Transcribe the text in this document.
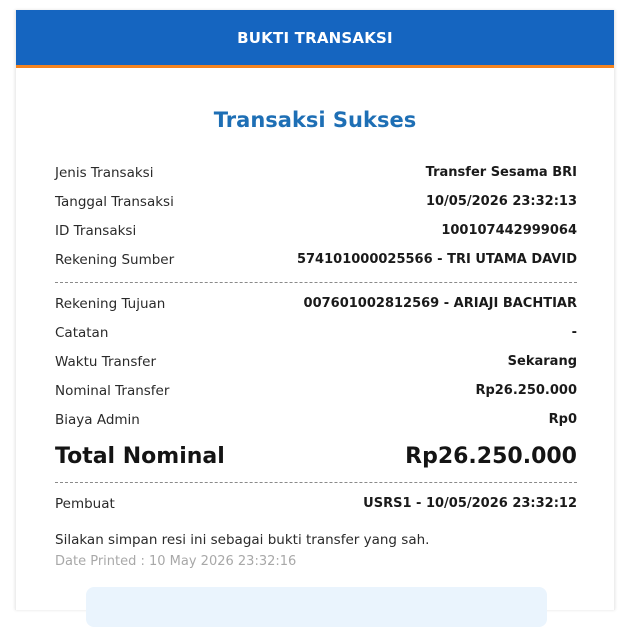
BUKTI TRANSAKSI
Transaksi Sukses
Jenis Transaksi	Transfer Sesama BRI
Tanggal Transaksi	10/05/2026 23:32:13
ID Transaksi	100107442999064
Rekening Sumber	574101000025566 - TRI UTAMA DAVID
Rekening Tujuan	007601002812569 - ARIAJI BACHTIAR
Catatan	-
Waktu Transfer	Sekarang
Nominal Transfer	Rp26.250.000
Biaya Admin	Rp0
Total Nominal	Rp26.250.000
Pembuat	USRS1 - 10/05/2026 23:32:12
Silakan simpan resi ini sebagai bukti transfer yang sah.
Date Printed : 10 May 2026 23:32:16
